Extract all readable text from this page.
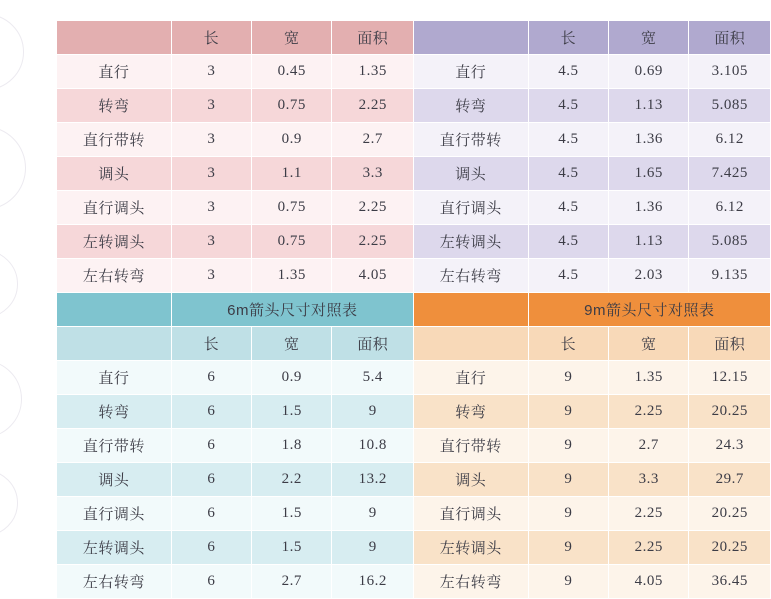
	长	宽	面积		长	宽	面积
直行	3	0.45	1.35	直行	4.5	0.69	3.105
转弯	3	0.75	2.25	转弯	4.5	1.13	5.085
直行带转	3	0.9	2.7	直行带转	4.5	1.36	6.12
调头	3	1.1	3.3	调头	4.5	1.65	7.425
直行调头	3	0.75	2.25	直行调头	4.5	1.36	6.12
左转调头	3	0.75	2.25	左转调头	4.5	1.13	5.085
左右转弯	3	1.35	4.05	左右转弯	4.5	2.03	9.135
	6m箭头尺寸对照表				9m箭头尺寸对照表		
	长	宽	面积		长	宽	面积
直行	6	0.9	5.4	直行	9	1.35	12.15
转弯	6	1.5	9	转弯	9	2.25	20.25
直行带转	6	1.8	10.8	直行带转	9	2.7	24.3
调头	6	2.2	13.2	调头	9	3.3	29.7
直行调头	6	1.5	9	直行调头	9	2.25	20.25
左转调头	6	1.5	9	左转调头	9	2.25	20.25
左右转弯	6	2.7	16.2	左右转弯	9	4.05	36.45
